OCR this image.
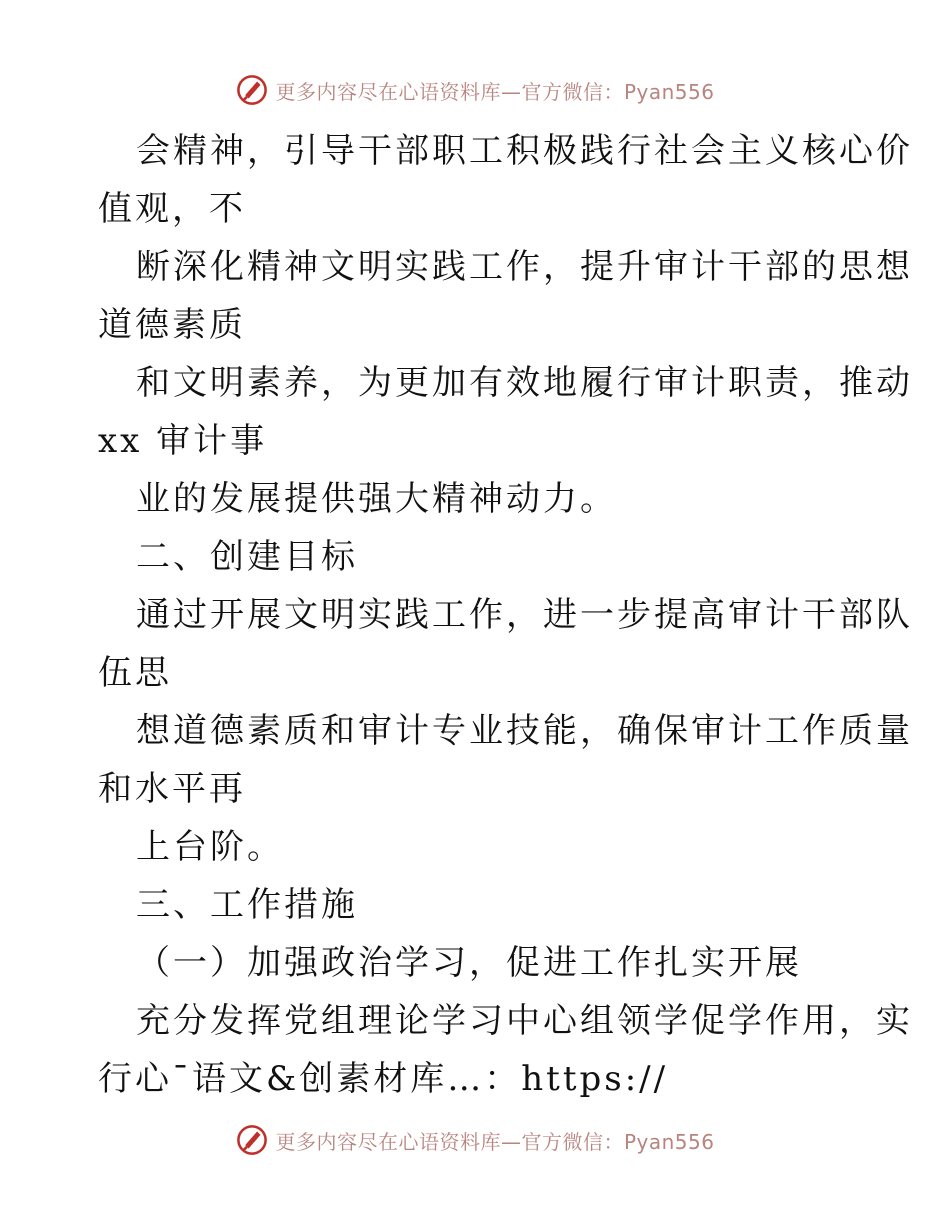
更多内容尽在心语资料库—官方微信：Pyan556
会精神，引导干部职工积极践行社会主义核心价
值观，不
断深化精神文明实践工作，提升审计干部的思想
道德素质
和文明素养，为更加有效地履行审计职责，推动
xx 审计事
业的发展提供强大精神动力。
二、创建目标
通过开展文明实践工作，进一步提高审计干部队
伍思
想道德素质和审计专业技能，确保审计工作质量
和水平再
上台阶。
三、工作措施
（一）加强政治学习，促进工作扎实开展
充分发挥党组理论学习中心组领学促学作用，实
行心¯语文&创素材库…：https://
更多内容尽在心语资料库—官方微信：Pyan556
